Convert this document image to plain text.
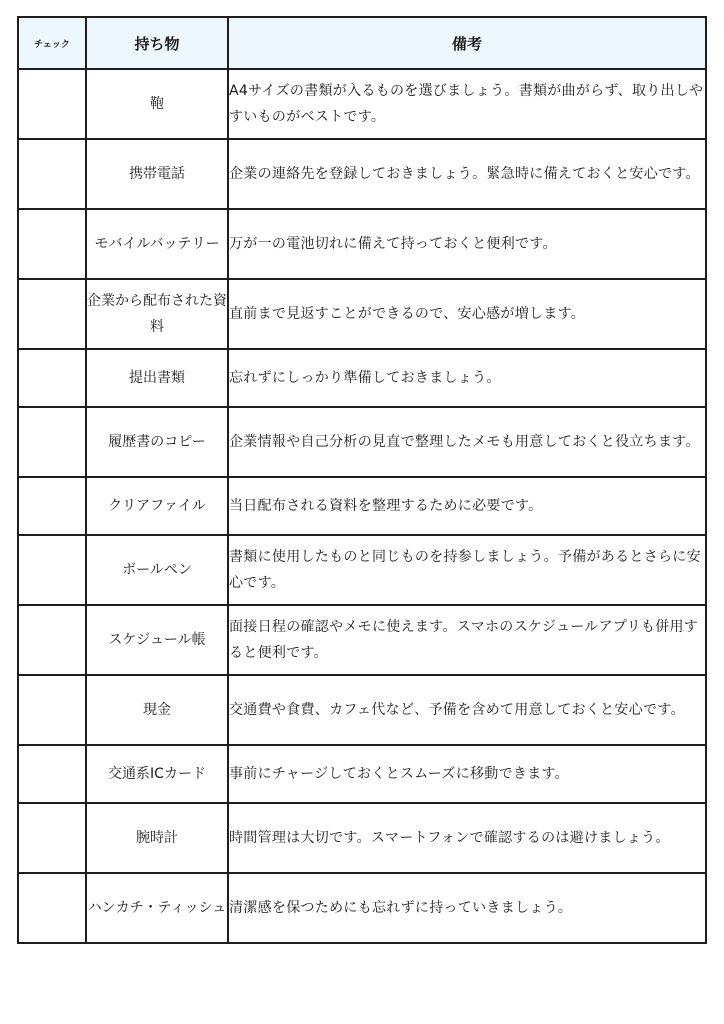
チェック	持ち物	備考
	鞄	A4サイズの書類が入るものを選びましょう。書類が曲がらず、取り出しやすいものがベストです。
	携帯電話	企業の連絡先を登録しておきましょう。緊急時に備えておくと安心です。
	モバイルバッテリー	万が一の電池切れに備えて持っておくと便利です。
	企業から配布された資料	直前まで見返すことができるので、安心感が増します。
	提出書類	忘れずにしっかり準備しておきましょう。
	履歴書のコピー	企業情報や自己分析の見直で整理したメモも用意しておくと役立ちます。
	クリアファイル	当日配布される資料を整理するために必要です。
	ボールペン	書類に使用したものと同じものを持参しましょう。予備があるとさらに安心です。
	スケジュール帳	面接日程の確認やメモに使えます。スマホのスケジュールアプリも併用すると便利です。
	現金	交通費や食費、カフェ代など、予備を含めて用意しておくと安心です。
	交通系ICカード	事前にチャージしておくとスムーズに移動できます。
	腕時計	時間管理は大切です。スマートフォンで確認するのは避けましょう。
	ハンカチ・ティッシュ	清潔感を保つためにも忘れずに持っていきましょう。
